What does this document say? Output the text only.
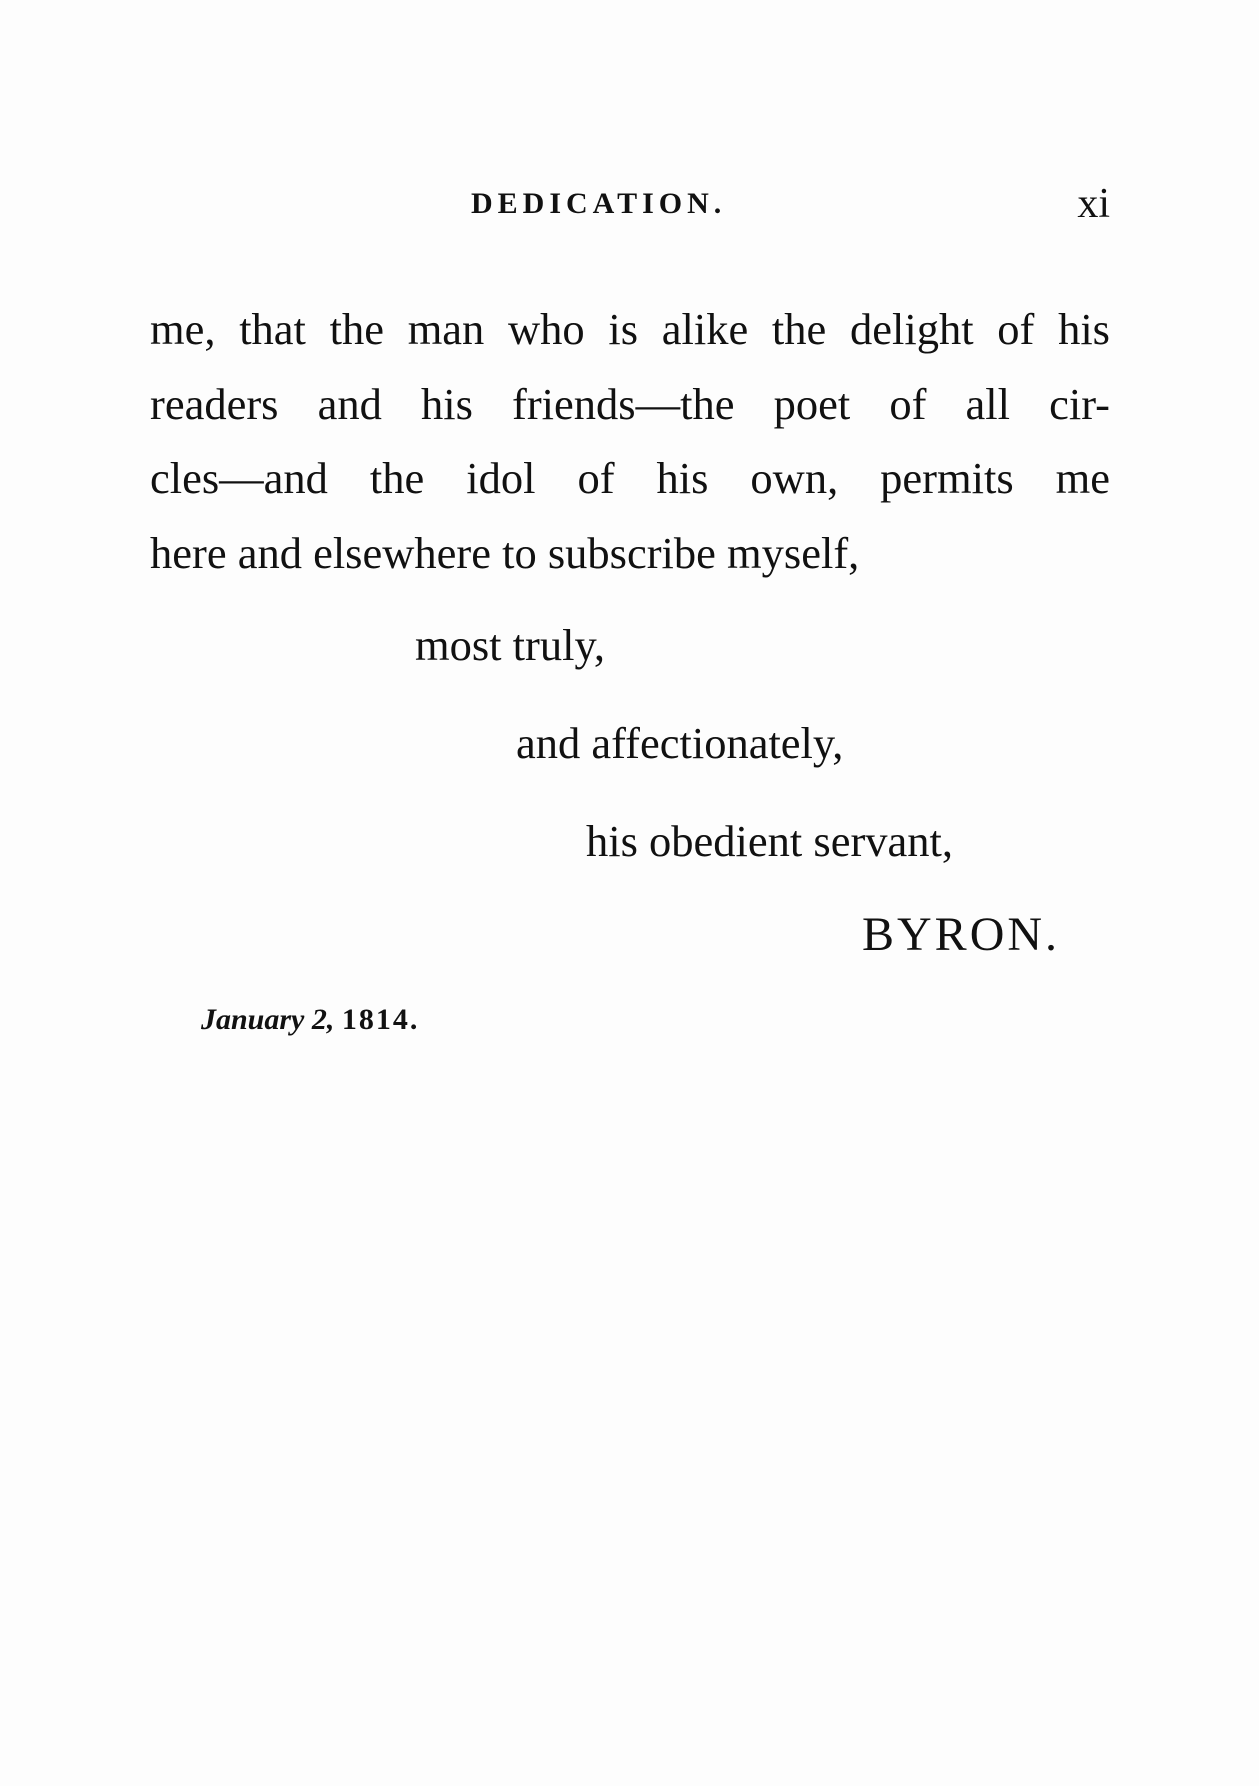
DEDICATION.	xi
me, that the man who is alike the delight of his
readers and his friends—the poet of all cir-
cles—and the idol of his own, permits me
here and elsewhere to subscribe myself,
most truly,
and affectionately,
his obedient servant,
BYRON.
January 2, 1814.
